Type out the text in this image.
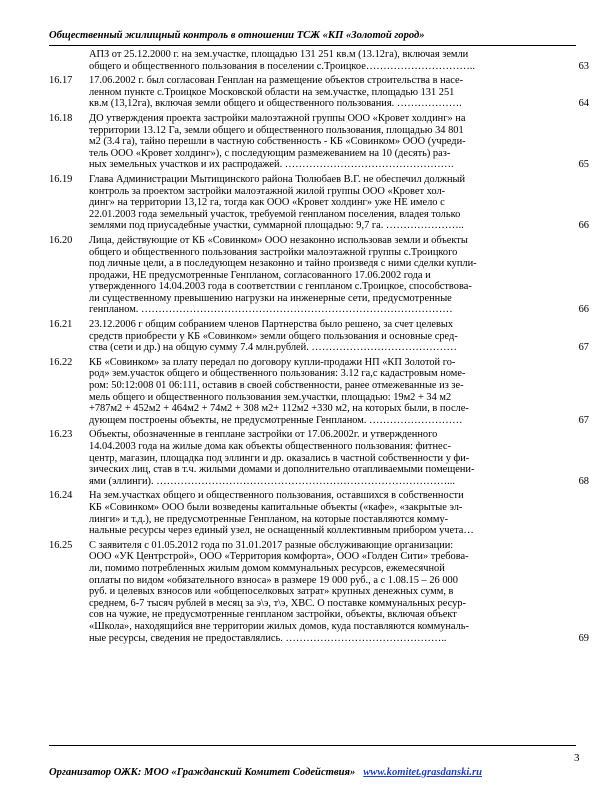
Общественный жилищный контроль в отношении ТСЖ «КП «Золотой город»
АПЗ от 25.12.2000 г. на зем.участке, площадью 131 251 кв.м (13.12га), включая земли
общего и общественного пользования в поселении с.Троицкое…………………………..	63
16.17	17.06.2002 г. был согласован Генплан на размещение объектов строительства в насе-
ленном пункте с.Троицкое Московской области на зем.участке, площадью 131 251
кв.м (13,12га), включая земли общего и общественного пользования. ……………….	64
16.18	ДО утверждения проекта застройки малоэтажной группы ООО «Кровет холдинг» на
территории 13.12 Га, земли общего и общественного пользования, площадью 34 801
м2 (3.4 га), тайно перешли в частную собственность - КБ «Совинком» ООО (учреди-
тель ООО «Кровет холдинг»), с последующим размежеванием на 10 (десять) раз-
ных земельных участков и их распродажей. ………………………………………….	65
16.19	Глава Администрации Мытищинского района Тюлюбаев В.Г. не обеспечил должный
контроль за проектом застройки малоэтажной жилой группы ООО «Кровет хол-
динг» на территории 13,12 га, тогда как ООО «Кровет холдинг» уже НЕ имело с
22.01.2003 года земельный участок, требуемой генпланом поселения, владея только
землями под приусадебные участки, суммарной площадью: 9,7 га. …………………..	66
16.20	Лица, действующие от КБ «Совинком» ООО незаконно использовав земли и объекты
общего и общественного пользования застройки малоэтажной группы с.Троицкого
под личные цели, а в последующем незаконно и тайно произведя с ними сделки купли-
продажи, НЕ предусмотренные Генпланом, согласованного 17.06.2002 года и
утвержденного 14.04.2003 года в соответствии с генпланом с.Троицкое, способствова-
ли существенному превышению нагрузки на инженерные сети, предусмотренные
генпланом. ………………………………………………………………………………	66
16.21	23.12.2006 г общим собранием членов Партнерства было решено, за счет целевых
средств приобрести у КБ «Совинком» земли общего пользования и основные сред-
ства (сети и др.) на общую сумму 7.4 млн.рублей. ……………………………………	67
16.22	КБ «Совинком» за плату передал по договору купли-продажи НП «КП Золотой го-
род» зем.участок общего и общественного пользования: 3.12 га,с кадастровым номе-
ром: 50:12:008 01 06:111, оставив в своей собственности, ранее отмежеванные из зе-
мель общего и общественного пользования зем.участки, площадью: 19м2 + 34 м2
+787м2 + 452м2 + 464м2 + 74м2 + 308 м2+ 112м2 +330 м2, на которых были, в после-
дующем построены объекты, не предусмотренные Генпланом. ………………………	67
16.23	Объекты, обозначенные в генплане застройки от 17.06.2002г. и утвержденного
14.04.2003 года на жилые дома как объекты общественного пользования: фитнес-
центр, магазин, площадка под эллинги и др. оказались в частной собственности у фи-
зических лиц, став в т.ч. жилыми домами и дополнительно отапливаемыми помещени-
ями (эллинги). …………………………………………………………………………...	68
16.24	На зем.участках общего и общественного пользования, оставшихся в собственности
КБ «Совинком» ООО были возведены капитальные объекты («кафе», «закрытые эл-
линги» и т.д.), не предусмотренные Генпланом, на которые поставляются комму-
нальные ресурсы через единый узел, не оснащенный коллективным прибором учета…
16.25	С заявителя с 01.05.2012 года по 31.01.2017 разные обслуживающие организации:
ООО «УК Центрстрой», ООО «Территория комфорта», ООО «Голден Сити» требова-
ли, помимо потребленных жилым домом коммунальных ресурсов, ежемесячной
оплаты по видом «обязательного взноса» в размере 19 000 руб., а с 1.08.15 – 26 000
руб. и целевых взносов или «общепоселковых затрат» крупных денежных сумм, в
среднем, 6-7 тысяч рублей в месяц за э\э, т\э, ХВС. О поставке коммунальных ресур-
сов на чужие, не предусмотренные генпланом застройки, объекты, включая объект
«Школа», находящийся вне территории жилых домов, куда поставляются коммуналь-
ные ресурсы, сведения не предоставлялись. ………………………………………..	69
3
Организатор ОЖК: МОО «Гражданский Комитет Содействия» www.komitet.grasdanski.ru
